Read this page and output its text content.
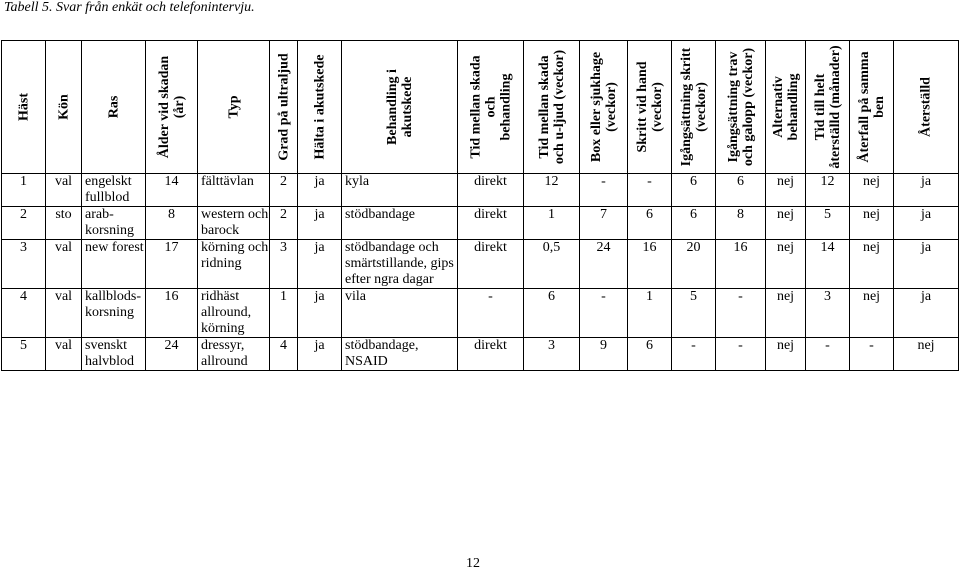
Tabell 5. Svar från enkät och telefonintervju.
Häst	Kön	Ras	Ålder vid skadan
(år)	Typ	Grad på ultraljud	Hälta i akutskede	Behandling i
akutskede	Tid mellan skada
och
behandling	Tid mellan skada
och u-ljud (veckor)	Box eller sjukhage
(veckor)	Skritt vid hand
(veckor)	Igångsättning skritt
(veckor)	Igångsättning trav
och galopp (veckor)	Alternativ
behandling	Tid till helt
återställd (månader)	Återfall på samma
ben	Återställd

1	val	engelskt fullblod	14	fälttävlan	2	ja	kyla	direkt	12	-	-	6	6	nej	12	nej	ja
2	sto	arab-korsning	8	western och barock	2	ja	stödbandage	direkt	1	7	6	6	8	nej	5	nej	ja
3	val	new forest	17	körning och ridning	3	ja	stödbandage och smärtstillande, gips efter ngra dagar	direkt	0,5	24	16	20	16	nej	14	nej	ja
4	val	kallblods-korsning	16	ridhäst allround, körning	1	ja	vila	-	6	-	1	5	-	nej	3	nej	ja
5	val	svenskt halvblod	24	dressyr, allround	4	ja	stödbandage, NSAID	direkt	3	9	6	-	-	nej	-	-	nej
12
